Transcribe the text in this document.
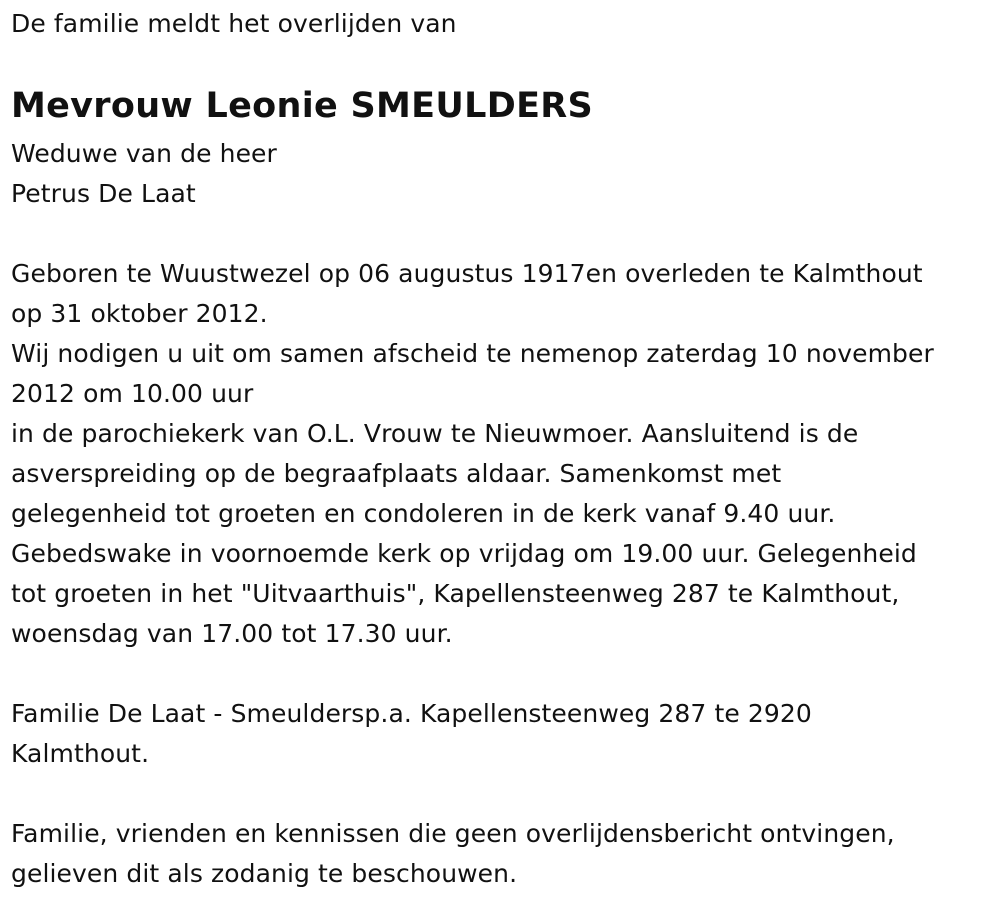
De familie meldt het overlijden van
Mevrouw Leonie SMEULDERS
Weduwe van de heer
Petrus De Laat
Geboren te Wuustwezel op 06 augustus 1917en overleden te Kalmthout
op 31 oktober 2012.
Wij nodigen u uit om samen afscheid te nemenop zaterdag 10 november
2012 om 10.00 uur
in de parochiekerk van O.L. Vrouw te Nieuwmoer. Aansluitend is de
asverspreiding op de begraafplaats aldaar. Samenkomst met
gelegenheid tot groeten en condoleren in de kerk vanaf 9.40 uur.
Gebedswake in voornoemde kerk op vrijdag om 19.00 uur. Gelegenheid
tot groeten in het "Uitvaarthuis", Kapellensteenweg 287 te Kalmthout,
woensdag van 17.00 tot 17.30 uur.
Familie De Laat - Smeuldersp.a. Kapellensteenweg 287 te 2920
Kalmthout.
Familie, vrienden en kennissen die geen overlijdensbericht ontvingen,
gelieven dit als zodanig te beschouwen.
